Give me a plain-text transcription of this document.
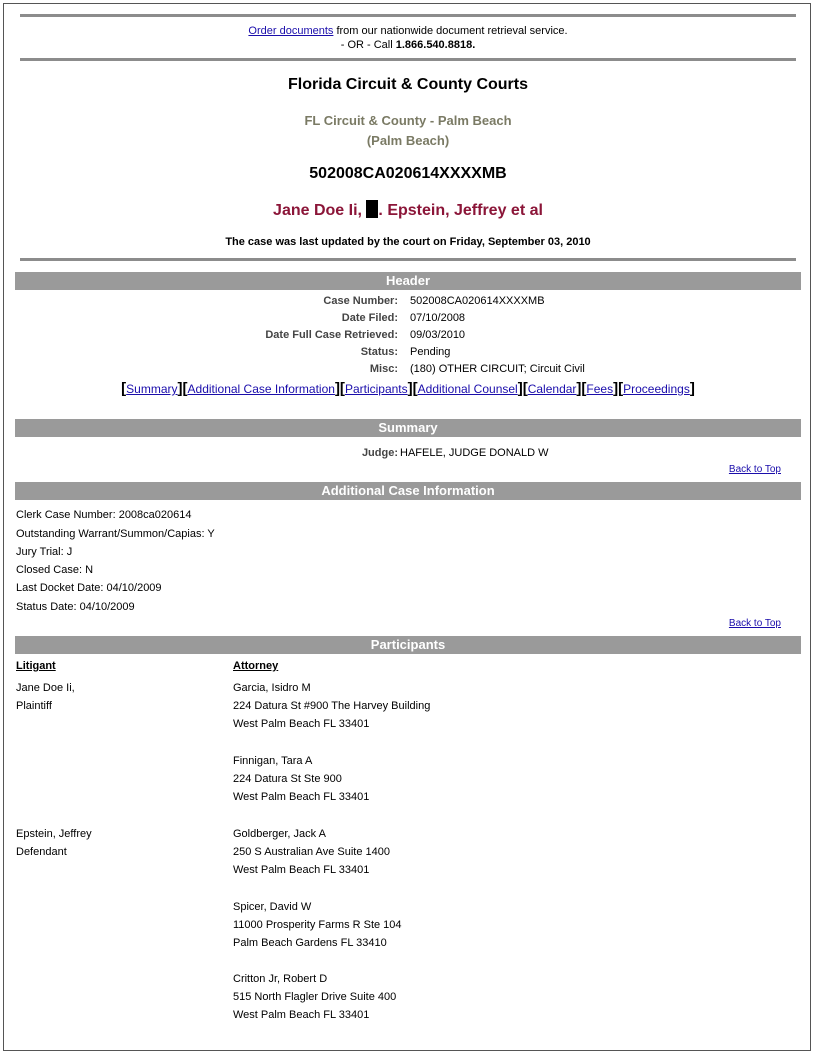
Order documents from our nationwide document retrieval service.
- OR - Call 1.866.540.8818.
Florida Circuit & County Courts
FL Circuit & County - Palm Beach
(Palm Beach)
502008CA020614XXXXMB
Jane Doe Ii, . Epstein, Jeffrey et al
The case was last updated by the court on Friday, September 03, 2010
Header
Case Number: 502008CA020614XXXXMB
Date Filed: 07/10/2008
Date Full Case Retrieved: 09/03/2010
Status: Pending
Misc: (180) OTHER CIRCUIT; Circuit Civil
[Summary][Additional Case Information][Participants][Additional Counsel][Calendar][Fees][Proceedings]
Summary
Judge: HAFELE, JUDGE DONALD W
Back to Top
Additional Case Information
Clerk Case Number: 2008ca020614
Outstanding Warrant/Summon/Capias: Y
Jury Trial: J
Closed Case: N
Last Docket Date: 04/10/2009
Status Date: 04/10/2009
Back to Top
Participants
Litigant	Attorney
Jane Doe Ii,
Plaintiff
Garcia, Isidro M
224 Datura St #900 The Harvey Building
West Palm Beach FL 33401
Finnigan, Tara A
224 Datura St Ste 900
West Palm Beach FL 33401
Epstein, Jeffrey
Defendant
Goldberger, Jack A
250 S Australian Ave Suite 1400
West Palm Beach FL 33401
Spicer, David W
11000 Prosperity Farms R Ste 104
Palm Beach Gardens FL 33410
Critton Jr, Robert D
515 North Flagler Drive Suite 400
West Palm Beach FL 33401
